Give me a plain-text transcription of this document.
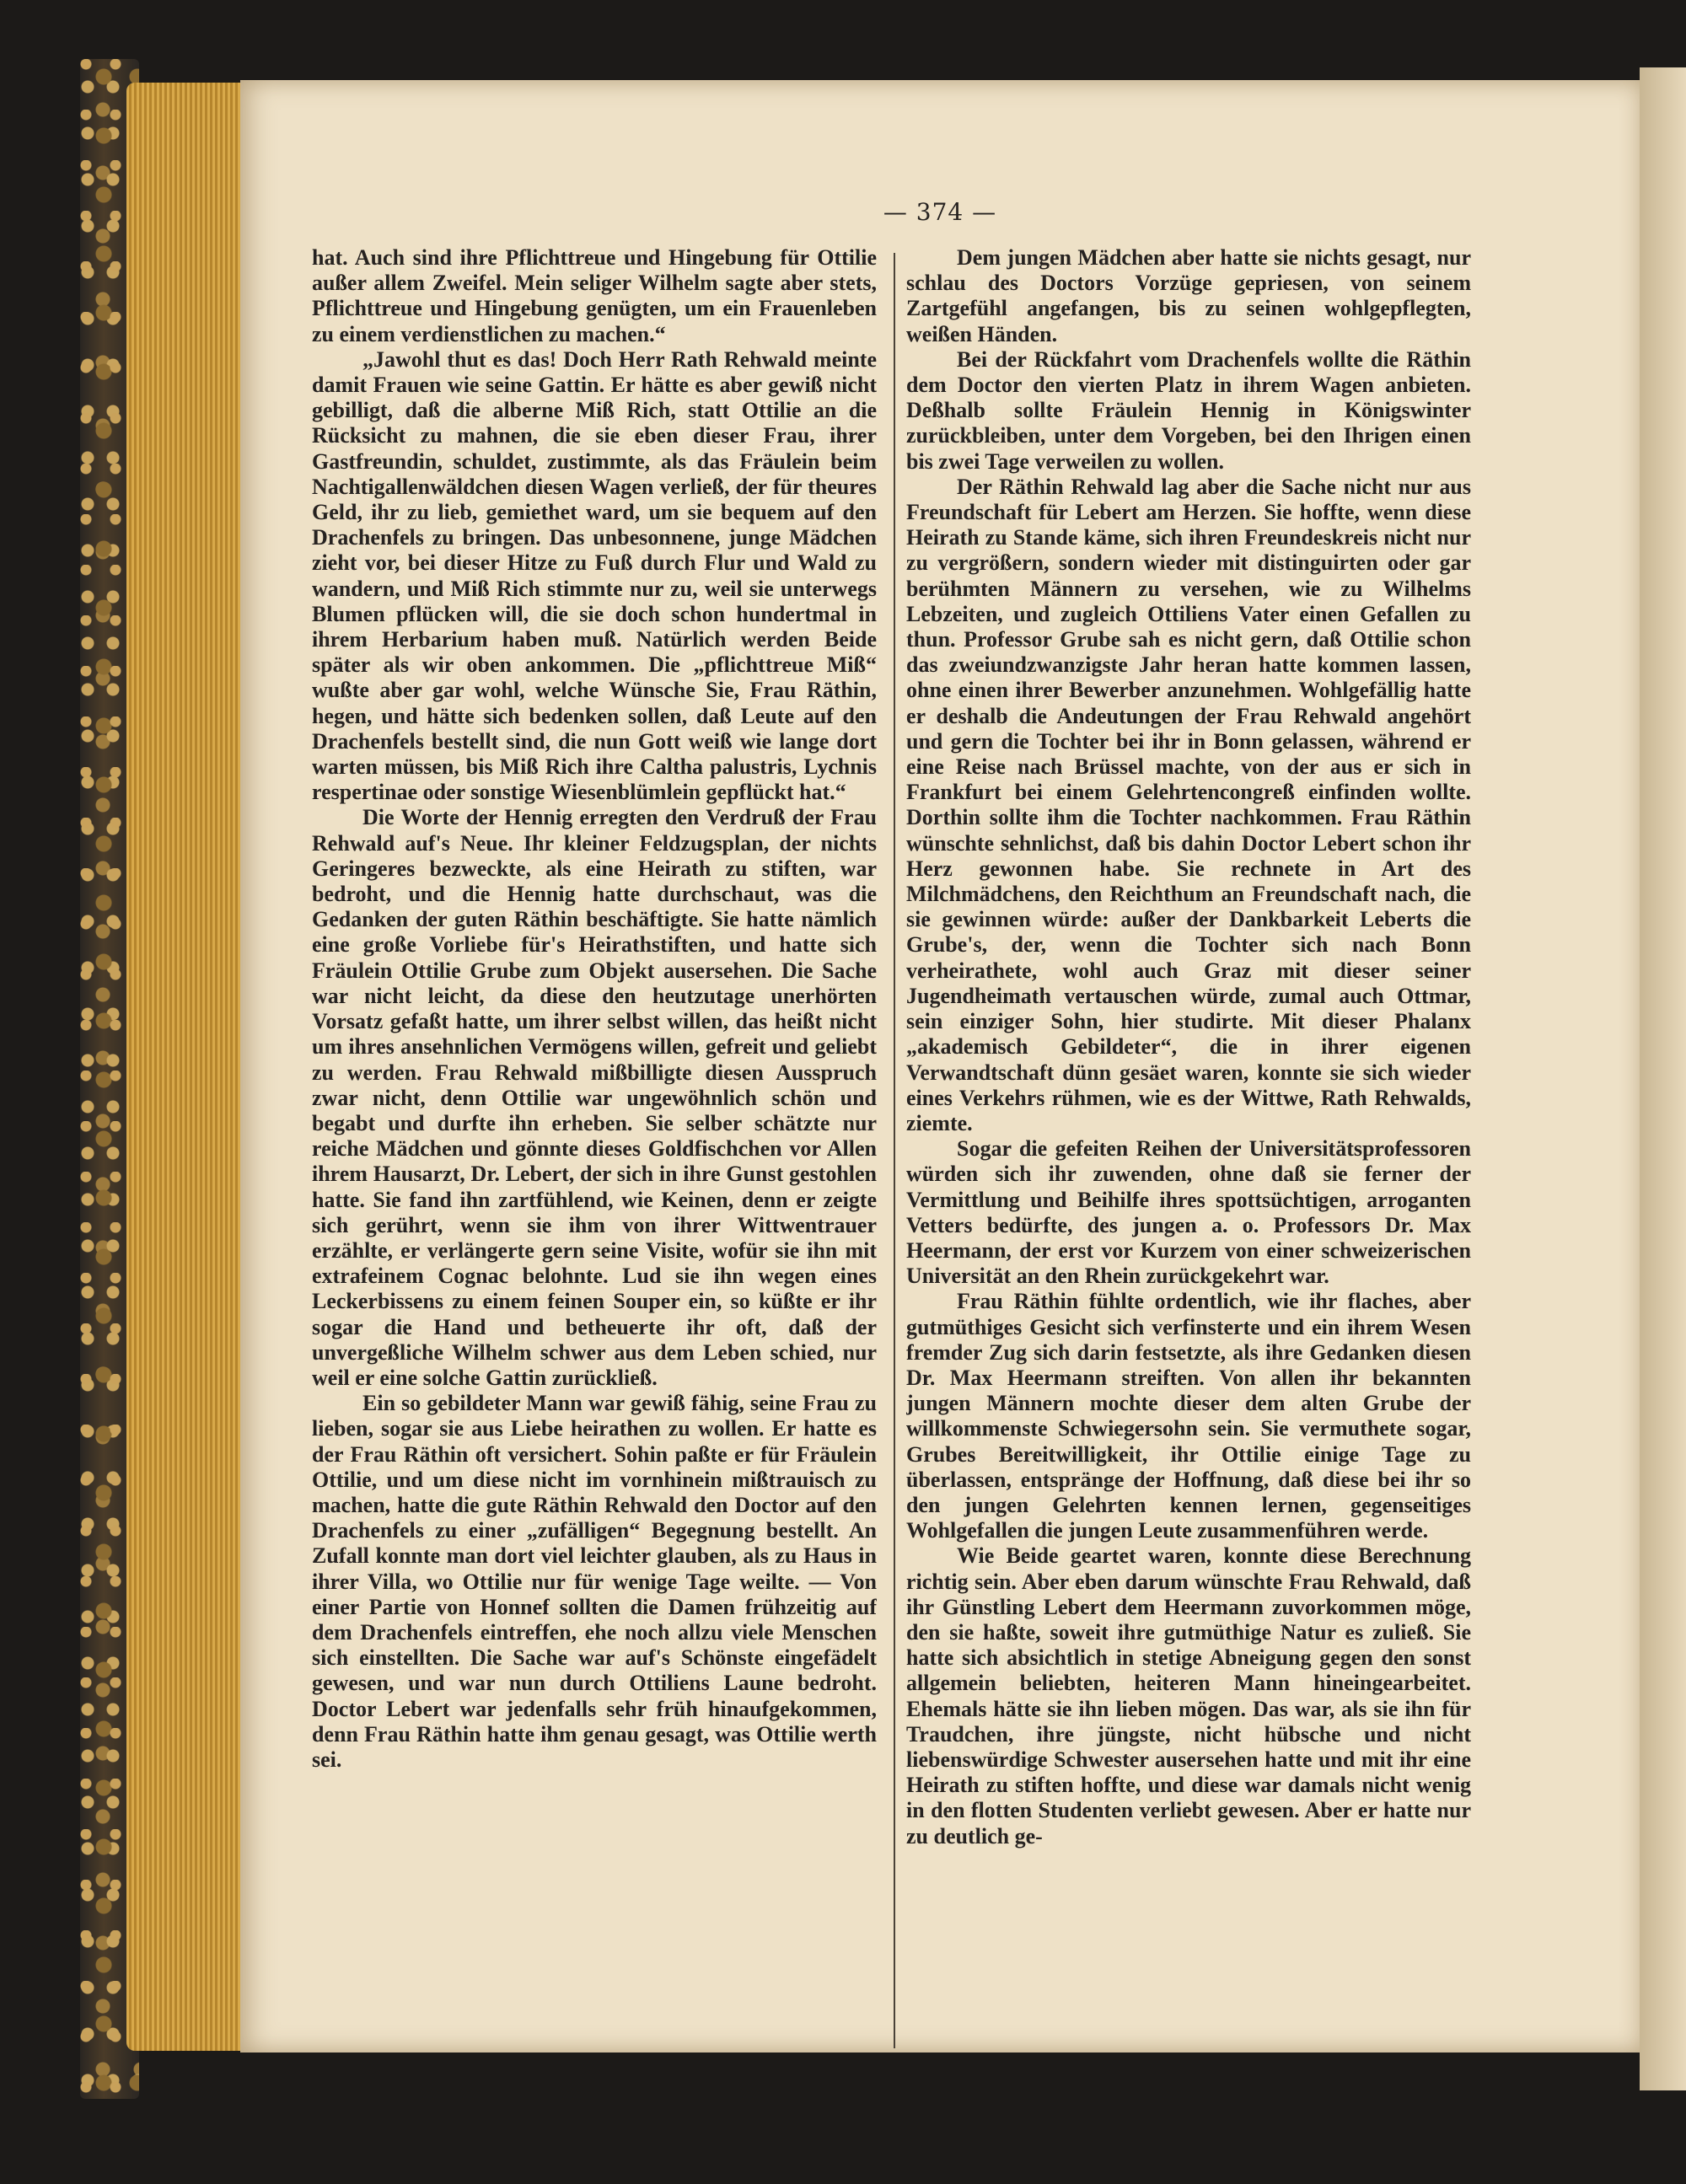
— 374 —

hat. Auch sind ihre Pflichttreue und Hingebung für Ottilie außer allem Zweifel. Mein seliger Wilhelm sagte aber stets, Pflichttreue und Hingebung genügten, um ein Frauenleben zu einem verdienstlichen zu machen.“

„Jawohl thut es das! Doch Herr Rath Rehwald meinte damit Frauen wie seine Gattin. Er hätte es aber gewiß nicht gebilligt, daß die alberne Miß Rich, statt Ottilie an die Rücksicht zu mahnen, die sie eben dieser Frau, ihrer Gastfreundin, schuldet, zustimmte, als das Fräulein beim Nachtigallenwäldchen diesen Wagen verließ, der für theures Geld, ihr zu lieb, gemiethet ward, um sie bequem auf den Drachenfels zu bringen. Das unbesonnene, junge Mädchen zieht vor, bei dieser Hitze zu Fuß durch Flur und Wald zu wandern, und Miß Rich stimmte nur zu, weil sie unterwegs Blumen pflücken will, die sie doch schon hundertmal in ihrem Herbarium haben muß. Natürlich werden Beide später als wir oben ankommen. Die „pflichttreue Miß“ wußte aber gar wohl, welche Wünsche Sie, Frau Räthin, hegen, und hätte sich bedenken sollen, daß Leute auf den Drachenfels bestellt sind, die nun Gott weiß wie lange dort warten müssen, bis Miß Rich ihre Caltha palustris, Lychnis respertinae oder sonstige Wiesenblümlein gepflückt hat.“

Die Worte der Hennig erregten den Verdruß der Frau Rehwald auf's Neue. Ihr kleiner Feldzugsplan, der nichts Geringeres bezweckte, als eine Heirath zu stiften, war bedroht, und die Hennig hatte durchschaut, was die Gedanken der guten Räthin beschäftigte. Sie hatte nämlich eine große Vorliebe für's Heirathstiften, und hatte sich Fräulein Ottilie Grube zum Objekt ausersehen. Die Sache war nicht leicht, da diese den heutzutage unerhörten Vorsatz gefaßt hatte, um ihrer selbst willen, das heißt nicht um ihres ansehnlichen Vermögens willen, gefreit und geliebt zu werden. Frau Rehwald mißbilligte diesen Ausspruch zwar nicht, denn Ottilie war ungewöhnlich schön und begabt und durfte ihn erheben. Sie selber schätzte nur reiche Mädchen und gönnte dieses Goldfischchen vor Allen ihrem Hausarzt, Dr. Lebert, der sich in ihre Gunst gestohlen hatte. Sie fand ihn zartfühlend, wie Keinen, denn er zeigte sich gerührt, wenn sie ihm von ihrer Wittwentrauer erzählte, er verlängerte gern seine Visite, wofür sie ihn mit extrafeinem Cognac belohnte. Lud sie ihn wegen eines Leckerbissens zu einem feinen Souper ein, so küßte er ihr sogar die Hand und betheuerte ihr oft, daß der unvergeßliche Wilhelm schwer aus dem Leben schied, nur weil er eine solche Gattin zurückließ.

Ein so gebildeter Mann war gewiß fähig, seine Frau zu lieben, sogar sie aus Liebe heirathen zu wollen. Er hatte es der Frau Räthin oft versichert. Sohin paßte er für Fräulein Ottilie, und um diese nicht im vornhinein mißtrauisch zu machen, hatte die gute Räthin Rehwald den Doctor auf den Drachenfels zu einer „zufälligen“ Begegnung bestellt. An Zufall konnte man dort viel leichter glauben, als zu Haus in ihrer Villa, wo Ottilie nur für wenige Tage weilte. — Von einer Partie von Honnef sollten die Damen frühzeitig auf dem Drachenfels eintreffen, ehe noch allzu viele Menschen sich einstellten. Die Sache war auf's Schönste eingefädelt gewesen, und war nun durch Ottiliens Laune bedroht. Doctor Lebert war jedenfalls sehr früh hinaufgekommen, denn Frau Räthin hatte ihm genau gesagt, was Ottilie werth sei.

Dem jungen Mädchen aber hatte sie nichts gesagt, nur schlau des Doctors Vorzüge gepriesen, von seinem Zartgefühl angefangen, bis zu seinen wohlgepflegten, weißen Händen.

Bei der Rückfahrt vom Drachenfels wollte die Räthin dem Doctor den vierten Platz in ihrem Wagen anbieten. Deßhalb sollte Fräulein Hennig in Königswinter zurückbleiben, unter dem Vorgeben, bei den Ihrigen einen bis zwei Tage verweilen zu wollen.

Der Räthin Rehwald lag aber die Sache nicht nur aus Freundschaft für Lebert am Herzen. Sie hoffte, wenn diese Heirath zu Stande käme, sich ihren Freundeskreis nicht nur zu vergrößern, sondern wieder mit distinguirten oder gar berühmten Männern zu versehen, wie zu Wilhelms Lebzeiten, und zugleich Ottiliens Vater einen Gefallen zu thun. Professor Grube sah es nicht gern, daß Ottilie schon das zweiundzwanzigste Jahr heran hatte kommen lassen, ohne einen ihrer Bewerber anzunehmen. Wohlgefällig hatte er deshalb die Andeutungen der Frau Rehwald angehört und gern die Tochter bei ihr in Bonn gelassen, während er eine Reise nach Brüssel machte, von der aus er sich in Frankfurt bei einem Gelehrtencongreß einfinden wollte. Dorthin sollte ihm die Tochter nachkommen. Frau Räthin wünschte sehnlichst, daß bis dahin Doctor Lebert schon ihr Herz gewonnen habe. Sie rechnete in Art des Milchmädchens, den Reichthum an Freundschaft nach, die sie gewinnen würde: außer der Dankbarkeit Leberts die Grube's, der, wenn die Tochter sich nach Bonn verheirathete, wohl auch Graz mit dieser seiner Jugendheimath vertauschen würde, zumal auch Ottmar, sein einziger Sohn, hier studirte. Mit dieser Phalanx „akademisch Gebildeter“, die in ihrer eigenen Verwandtschaft dünn gesäet waren, konnte sie sich wieder eines Verkehrs rühmen, wie es der Wittwe, Rath Rehwalds, ziemte.

Sogar die gefeiten Reihen der Universitätsprofessoren würden sich ihr zuwenden, ohne daß sie ferner der Vermittlung und Beihilfe ihres spottsüchtigen, arroganten Vetters bedürfte, des jungen a. o. Professors Dr. Max Heermann, der erst vor Kurzem von einer schweizerischen Universität an den Rhein zurückgekehrt war.

Frau Räthin fühlte ordentlich, wie ihr flaches, aber gutmüthiges Gesicht sich verfinsterte und ein ihrem Wesen fremder Zug sich darin festsetzte, als ihre Gedanken diesen Dr. Max Heermann streiften. Von allen ihr bekannten jungen Männern mochte dieser dem alten Grube der willkommenste Schwiegersohn sein. Sie vermuthete sogar, Grubes Bereitwilligkeit, ihr Ottilie einige Tage zu überlassen, entspränge der Hoffnung, daß diese bei ihr so den jungen Gelehrten kennen lernen, gegenseitiges Wohlgefallen die jungen Leute zusammenführen werde.

Wie Beide geartet waren, konnte diese Berechnung richtig sein. Aber eben darum wünschte Frau Rehwald, daß ihr Günstling Lebert dem Heermann zuvorkommen möge, den sie haßte, soweit ihre gutmüthige Natur es zuließ. Sie hatte sich absichtlich in stetige Abneigung gegen den sonst allgemein beliebten, heiteren Mann hineingearbeitet. Ehemals hätte sie ihn lieben mögen. Das war, als sie ihn für Traudchen, ihre jüngste, nicht hübsche und nicht liebenswürdige Schwester ausersehen hatte und mit ihr eine Heirath zu stiften hoffte, und diese war damals nicht wenig in den flotten Studenten verliebt gewesen. Aber er hatte nur zu deutlich ge-
